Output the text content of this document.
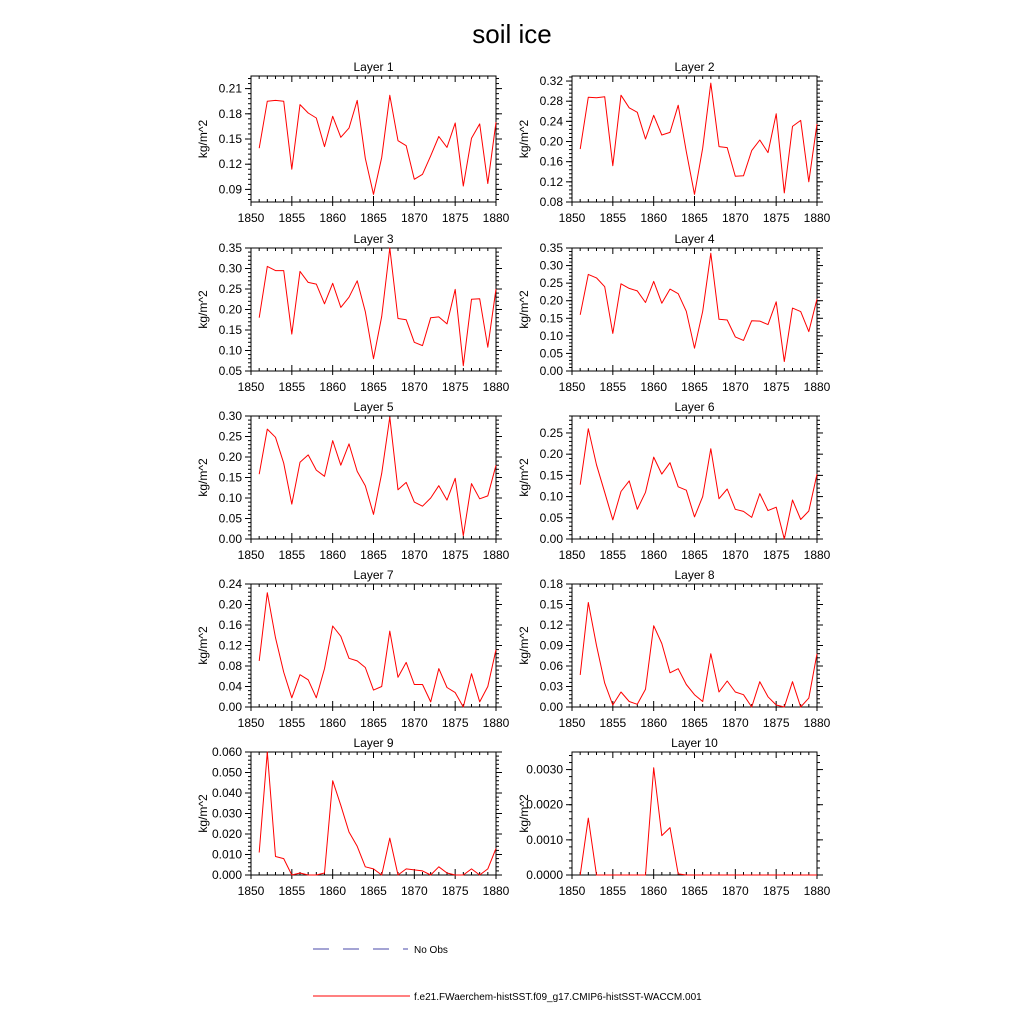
soil ice
Layer 1
1850 1855 1860 1865 1870 1875 1880
0.09
0.12
0.15
0.18
0.21
kg/m^2
Layer 2
1850 1855 1860 1865 1870 1875 1880
0.08
0.12
0.16
0.20
0.24
0.28
0.32
kg/m^2
Layer 3
1850 1855 1860 1865 1870 1875 1880
0.05
0.10
0.15
0.20
0.25
0.30
0.35
kg/m^2
Layer 4
1850 1855 1860 1865 1870 1875 1880
0.00
0.05
0.10
0.15
0.20
0.25
0.30
0.35
kg/m^2
Layer 5
1850 1855 1860 1865 1870 1875 1880
0.00
0.05
0.10
0.15
0.20
0.25
0.30
kg/m^2
Layer 6
1850 1855 1860 1865 1870 1875 1880
0.00
0.05
0.10
0.15
0.20
0.25
kg/m^2
Layer 7
1850 1855 1860 1865 1870 1875 1880
0.00
0.04
0.08
0.12
0.16
0.20
0.24
kg/m^2
Layer 8
1850 1855 1860 1865 1870 1875 1880
0.00
0.03
0.06
0.09
0.12
0.15
0.18
kg/m^2
Layer 9
1850 1855 1860 1865 1870 1875 1880
0.000
0.010
0.020
0.030
0.040
0.050
0.060
kg/m^2
Layer 10
1850 1855 1860 1865 1870 1875 1880
0.0000
0.0010
0.0020
0.0030
kg/m^2
No Obs
f.e21.FWaerchem-histSST.f09_g17.CMIP6-histSST-WACCM.001
